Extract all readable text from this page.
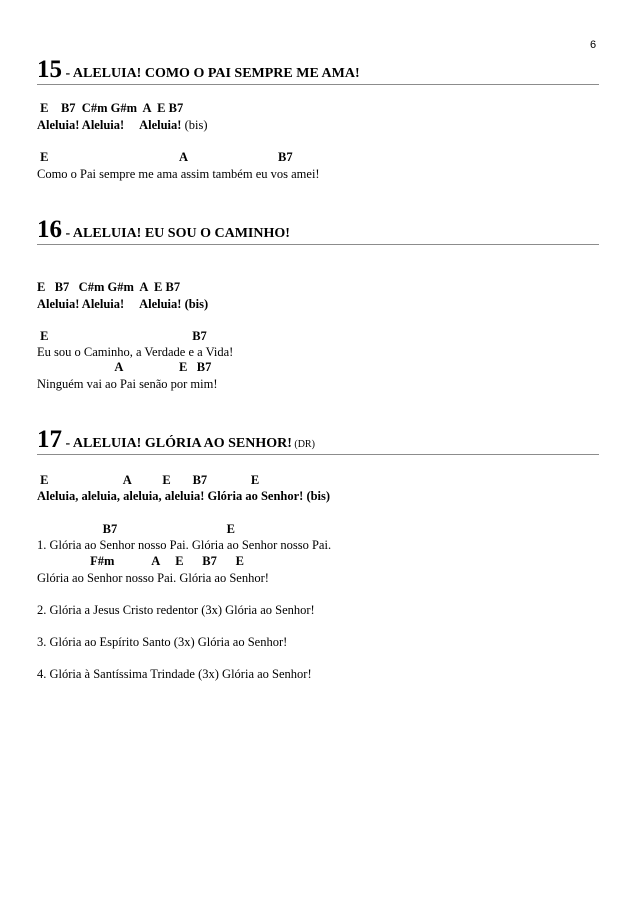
6
15 - ALELUIA! COMO O PAI SEMPRE ME AMA!
E    B7  C#m G#m  A  E B7
Aleluia! Aleluia!     Aleluia! (bis)
E                                          A                             B7
Como o Pai sempre me ama assim também eu vos amei!
16 - ALELUIA! EU SOU O CAMINHO!
E   B7   C#m G#m  A  E B7
Aleluia! Aleluia!     Aleluia! (bis)
E                                              B7
Eu sou o Caminho, a Verdade e a Vida!
A                  E   B7
Ninguém vai ao Pai senão por mim!
17 - ALELUIA! GLÓRIA AO SENHOR! (DR)
E                        A          E       B7              E
Aleluia, aleluia, aleluia, aleluia! Glória ao Senhor! (bis)
B7                                   E
1. Glória ao Senhor nosso Pai. Glória ao Senhor nosso Pai.
F#m            A     E      B7      E
Glória ao Senhor nosso Pai. Glória ao Senhor!
2. Glória a Jesus Cristo redentor (3x) Glória ao Senhor!
3. Glória ao Espírito Santo (3x) Glória ao Senhor!
4. Glória à Santíssima Trindade (3x) Glória ao Senhor!
